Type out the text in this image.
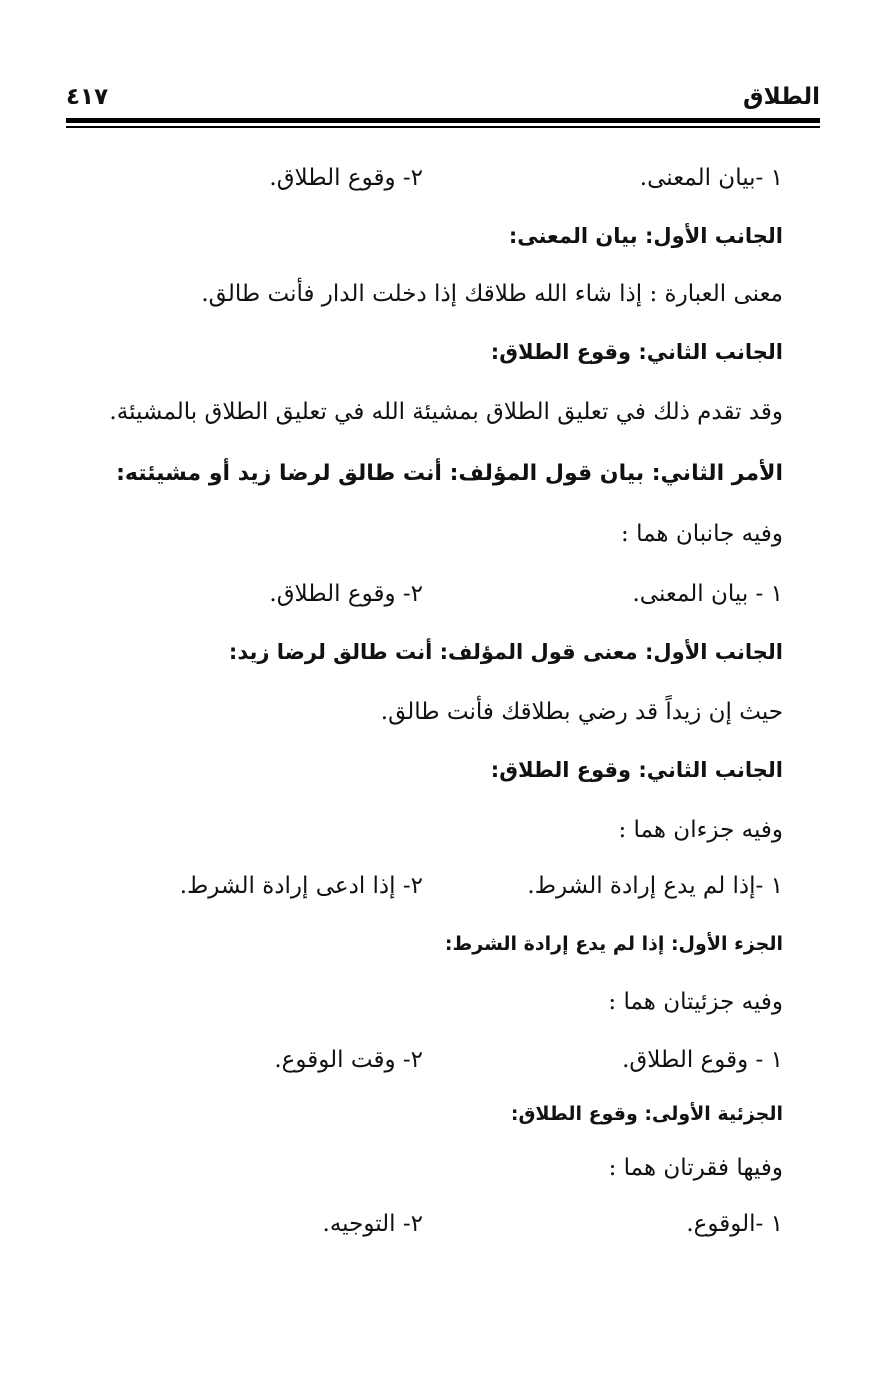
الطلاق
٤١٧
١ -بيان المعنى.
٢- وقوع الطلاق.
الجانب الأول: بيان المعنى:
معنى العبارة : إذا شاء الله طلاقك إذا دخلت الدار فأنت طالق.
الجانب الثاني: وقوع الطلاق:
وقد تقدم ذلك في تعليق الطلاق بمشيئة الله في تعليق الطلاق بالمشيئة.
الأمر الثاني: بيان قول المؤلف: أنت طالق لرضا زيد أو مشيئته:
وفيه جانبان هما :
١ - بيان المعنى.
٢- وقوع الطلاق.
الجانب الأول: معنى قول المؤلف: أنت طالق لرضا زيد:
حيث إن زيداً قد رضي بطلاقك فأنت طالق.
الجانب الثاني: وقوع الطلاق:
وفيه جزءان هما :
١ -إذا لم يدع إرادة الشرط.
٢- إذا ادعى إرادة الشرط.
الجزء الأول: إذا لم يدع إرادة الشرط:
وفيه جزئيتان هما :
١ - وقوع الطلاق.
٢- وقت الوقوع.
الجزئية الأولى: وقوع الطلاق:
وفيها فقرتان هما :
١ -الوقوع.
٢- التوجيه.
